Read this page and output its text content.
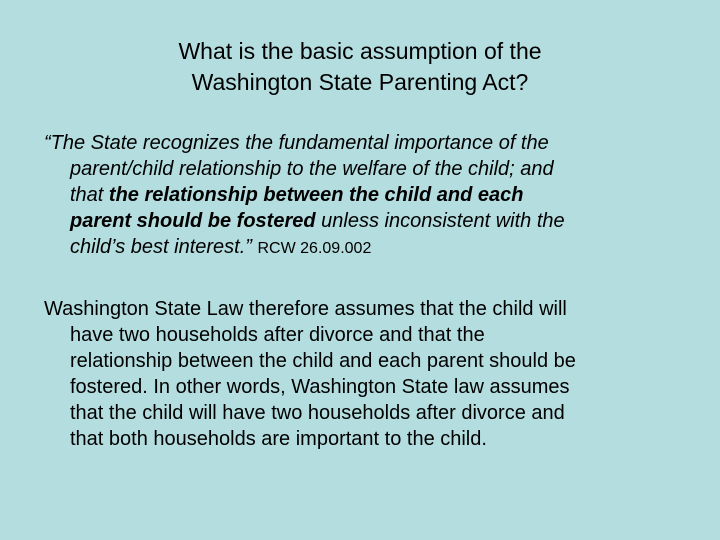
What is the basic assumption of the
Washington State Parenting Act?
“The State recognizes the fundamental importance of the
parent/child relationship to the welfare of the child; and
that the relationship between the child and each
parent should be fostered unless inconsistent with the
child’s best interest.” RCW 26.09.002
Washington State Law therefore assumes that the child will
have two households after divorce and that the
relationship between the child and each parent should be
fostered. In other words, Washington State law assumes
that the child will have two households after divorce and
that both households are important to the child.
